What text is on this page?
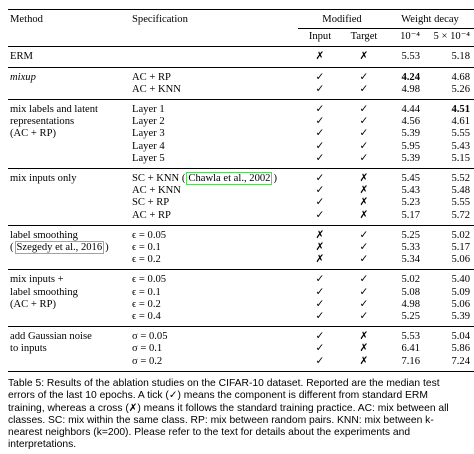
Method	Specification	Modified		Weight decay	
		Input	Target	10⁻⁴	5 × 10⁻⁴

ERM		✗	✗	5.53	5.18

mixup	AC + RP	✓	✓	4.24	4.68
	AC + KNN	✓	✓	4.98	5.26

mix labels and latent
representations
(AC + RP)	Layer 1	✓	✓	4.44	4.51
	Layer 2	✓	✓	4.56	4.61
	Layer 3	✓	✓	5.39	5.55
	Layer 4	✓	✓	5.95	5.43
	Layer 5	✓	✓	5.39	5.15

mix inputs only	SC + KNN ( Chawla et al., 2002 )	✓	✗	5.45	5.52
	AC + KNN	✓	✗	5.43	5.48
	SC + RP	✓	✗	5.23	5.55
	AC + RP	✓	✗	5.17	5.72

label smoothing
( Szegedy et al., 2016 )	ϵ = 0.05	✗	✓	5.25	5.02
	ϵ = 0.1	✗	✓	5.33	5.17
	ϵ = 0.2	✗	✓	5.34	5.06

mix inputs +
label smoothing
(AC + RP)	ϵ = 0.05	✓	✓	5.02	5.40
	ϵ = 0.1	✓	✓	5.08	5.09
	ϵ = 0.2	✓	✓	4.98	5.06
	ϵ = 0.4	✓	✓	5.25	5.39

add Gaussian noise
to inputs	σ = 0.05	✓	✗	5.53	5.04
	σ = 0.1	✓	✗	6.41	5.86
	σ = 0.2	✓	✗	7.16	7.24
Table 5: Results of the ablation studies on the CIFAR-10 dataset. Reported are the median test errors of the last 10 epochs. A tick (✓) means the component is different from standard ERM training, whereas a cross (✗) means it follows the standard training practice. AC: mix between all classes. SC: mix within the same class. RP: mix between random pairs. KNN: mix between k-nearest neighbors (k=200). Please refer to the text for details about the experiments and interpretations.
